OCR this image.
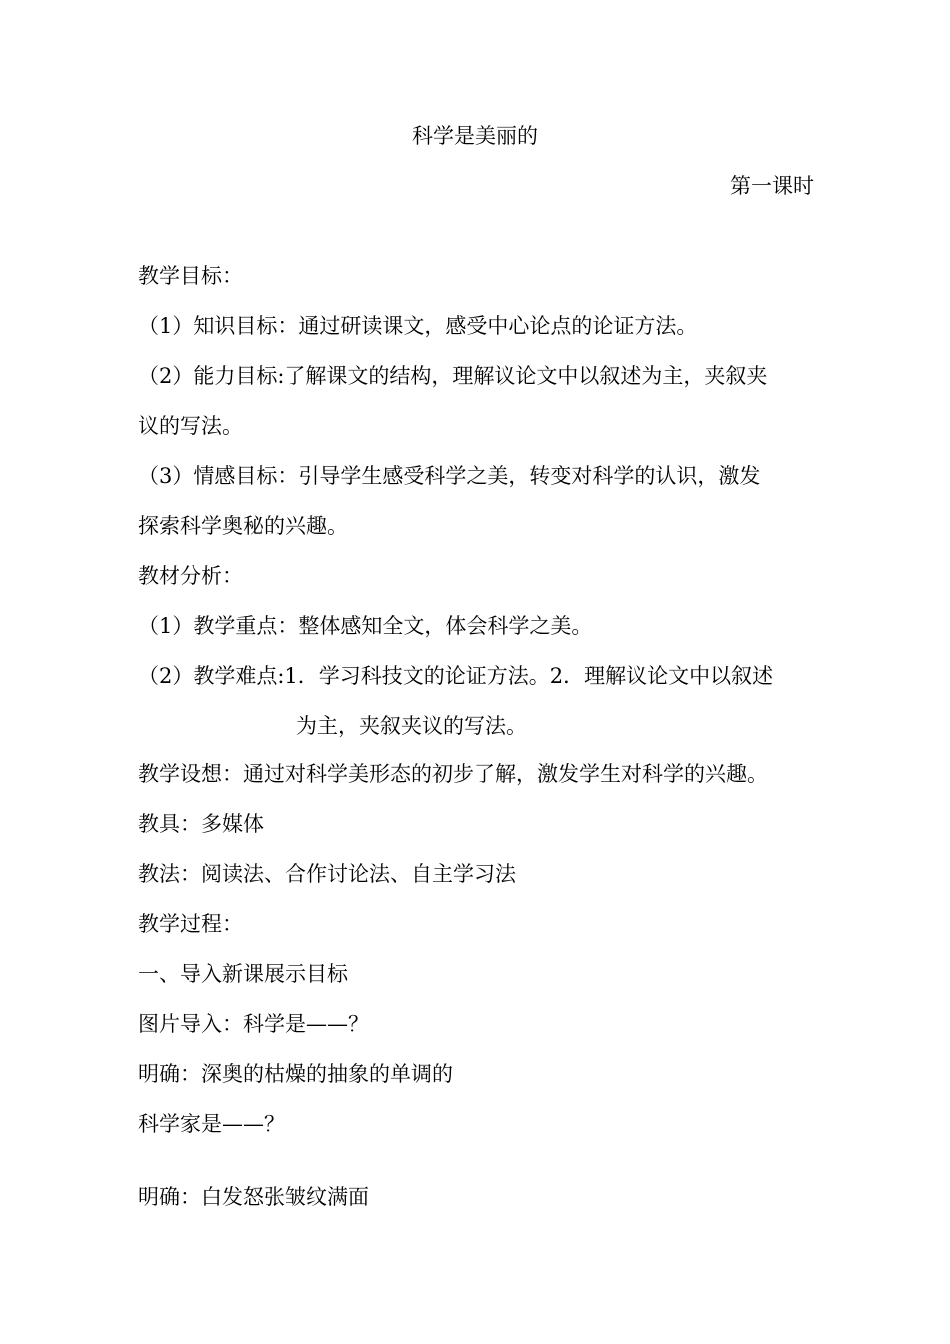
科学是美丽的
第一课时
教学目标：
（1）知识目标：通过研读课文，感受中心论点的论证方法。
（2）能力目标:了解课文的结构，理解议论文中以叙述为主，夹叙夹
议的写法。
（3）情感目标：引导学生感受科学之美，转变对科学的认识，激发
探索科学奥秘的兴趣。
教材分析：
（1）教学重点：整体感知全文，体会科学之美。
（2）教学难点:1．学习科技文的论证方法。2．理解议论文中以叙述
为主，夹叙夹议的写法。
教学设想：通过对科学美形态的初步了解，激发学生对科学的兴趣。
教具：多媒体
教法：阅读法、合作讨论法、自主学习法
教学过程：
一、导入新课展示目标
图片导入：科学是——？
明确：深奥的枯燥的抽象的单调的
科学家是——？
明确：白发怒张皱纹满面
